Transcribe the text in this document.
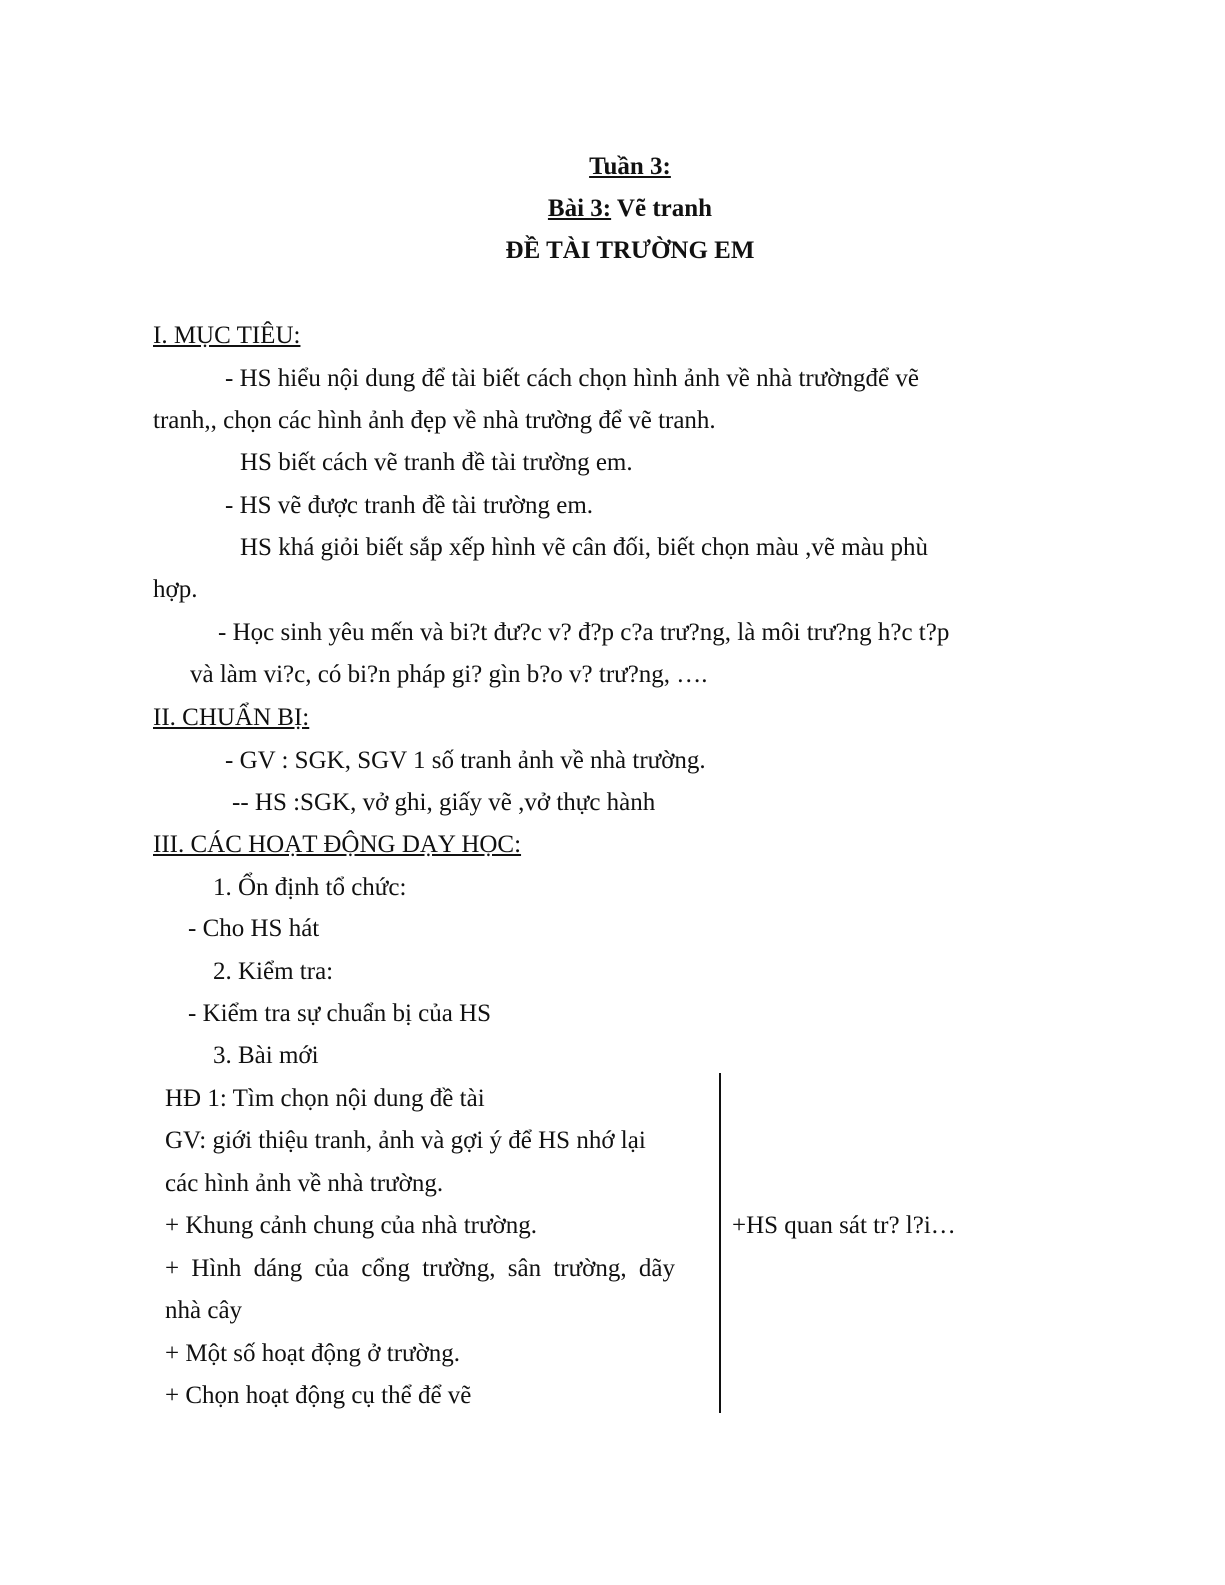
Tuần 3:
Bài 3: Vẽ tranh
ĐỀ TÀI TRƯỜNG EM
I. MỤC TIÊU:
- HS hiểu nội dung để tài biết cách chọn hình ảnh về nhà trườngđể vẽ
tranh,, chọn các hình ảnh đẹp về nhà trường để vẽ tranh.
HS biết cách vẽ tranh đề tài trường em.
- HS vẽ được tranh đề tài trường em.
HS khá giỏi biết sắp xếp hình vẽ cân đối, biết chọn màu ,vẽ màu phù
hợp.
- Học sinh yêu mến và bi?t đư?c v? đ?p c?a trư?ng, là môi trư?ng h?c t?p
và làm vi?c, có bi?n pháp gi? gìn b?o v? trư?ng, ….
II. CHUẨN BỊ:
- GV : SGK, SGV 1 số tranh ảnh về nhà trường.
-- HS :SGK, vở ghi, giấy vẽ ,vở thực hành
III. CÁC HOẠT ĐỘNG DẠY HỌC:
1. Ổn định tổ chức:
- Cho HS hát
2. Kiểm tra:
- Kiểm tra sự chuẩn bị của HS
3. Bài mới
HĐ 1: Tìm chọn nội dung đề tài
GV: giới thiệu tranh, ảnh và gợi ý để HS nhớ lại
các hình ảnh về nhà trường.
+ Khung cảnh chung của nhà trường.
+ Hình dáng của cổng trường, sân trường, dãy
nhà cây
+ Một số hoạt động ở trường.
+ Chọn hoạt động cụ thể để vẽ
+HS quan sát tr? l?i…
